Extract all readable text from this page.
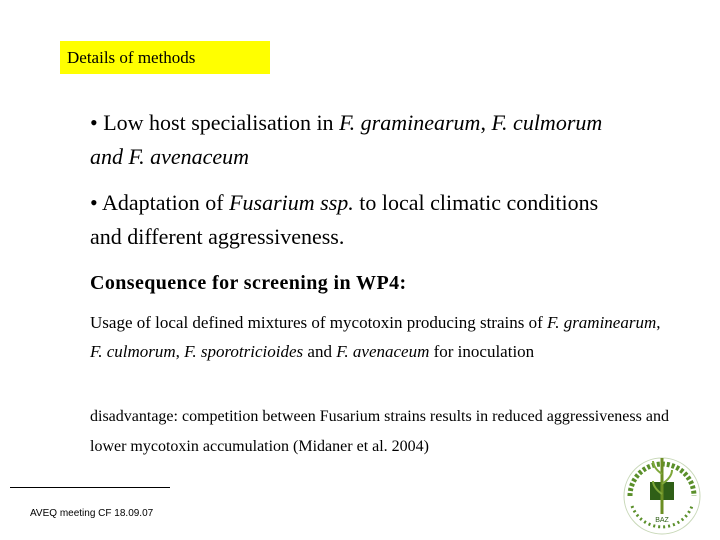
Details of methods

• Low host specialisation in F. graminearum, F. culmorum
and F. avenaceum

• Adaptation of Fusarium ssp. to local climatic conditions
and different aggressiveness.

Consequence for screening in WP4:

Usage of local defined mixtures of mycotoxin producing strains of F. graminearum, F. culmorum, F. sporotricioides and F. avenaceum for inoculation

disadvantage: competition between Fusarium strains results in reduced aggressiveness and lower mycotoxin accumulation (Midaner et al. 2004)

AVEQ meeting CF 18.09.07
BAZ
